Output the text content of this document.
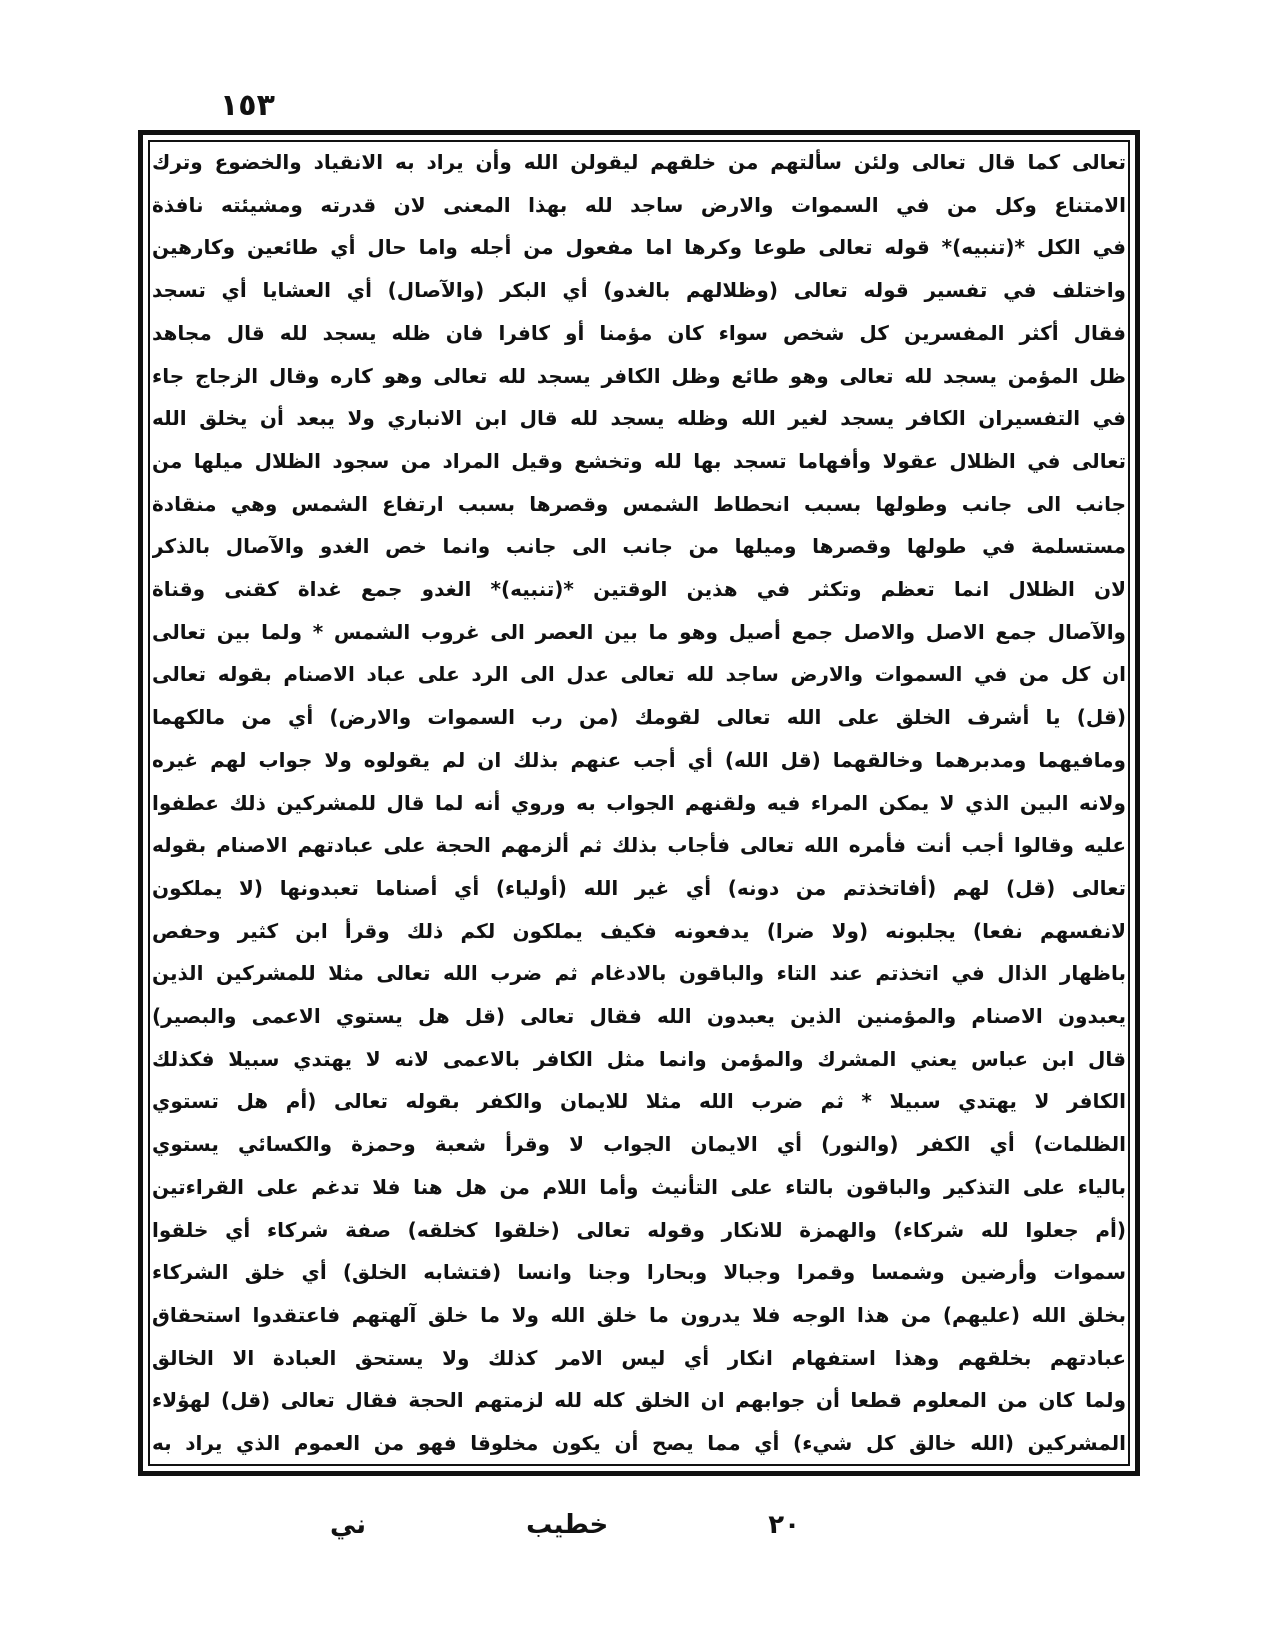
١٥٣
تعالى كما قال تعالى ولئن سألتهم من خلقهم ليقولن الله وأن يراد به الانقياد والخضوع وترك
الامتناع وكل من في السموات والارض ساجد لله بهذا المعنى لان قدرته ومشيئته نافذة
في الكل *(تنبيه)* قوله تعالى طوعا وكرها اما مفعول من أجله واما حال أي طائعين وكارهين
واختلف في تفسير قوله تعالى (وظلالهم بالغدو) أي البكر (والآصال) أي العشايا أي تسجد
فقال أكثر المفسرين كل شخص سواء كان مؤمنا أو كافرا فان ظله يسجد لله قال مجاهد
ظل المؤمن يسجد لله تعالى وهو طائع وظل الكافر يسجد لله تعالى وهو كاره وقال الزجاج جاء
في التفسيران الكافر يسجد لغير الله وظله يسجد لله قال ابن الانباري ولا يبعد أن يخلق الله
تعالى في الظلال عقولا وأفهاما تسجد بها لله وتخشع وقيل المراد من سجود الظلال ميلها من
جانب الى جانب وطولها بسبب انحطاط الشمس وقصرها بسبب ارتفاع الشمس وهي منقادة
مستسلمة في طولها وقصرها وميلها من جانب الى جانب وانما خص الغدو والآصال بالذكر
لان الظلال انما تعظم وتكثر في هذين الوقتين *(تنبيه)* الغدو جمع غداة كقنى وقناة
والآصال جمع الاصل والاصل جمع أصيل وهو ما بين العصر الى غروب الشمس * ولما بين تعالى
ان كل من في السموات والارض ساجد لله تعالى عدل الى الرد على عباد الاصنام بقوله تعالى
(قل) يا أشرف الخلق على الله تعالى لقومك (من رب السموات والارض) أي من مالكهما
ومافيهما ومدبرهما وخالقهما (قل الله) أي أجب عنهم بذلك ان لم يقولوه ولا جواب لهم غيره
ولانه البين الذي لا يمكن المراء فيه ولقنهم الجواب به وروي أنه لما قال للمشركين ذلك عطفوا
عليه وقالوا أجب أنت فأمره الله تعالى فأجاب بذلك ثم ألزمهم الحجة على عبادتهم الاصنام بقوله
تعالى (قل) لهم (أفاتخذتم من دونه) أي غير الله (أولياء) أي أصناما تعبدونها (لا يملكون
لانفسهم نفعا) يجلبونه (ولا ضرا) يدفعونه فكيف يملكون لكم ذلك وقرأ ابن كثير وحفص
باظهار الذال في اتخذتم عند التاء والباقون بالادغام ثم ضرب الله تعالى مثلا للمشركين الذين
يعبدون الاصنام والمؤمنين الذين يعبدون الله فقال تعالى (قل هل يستوي الاعمى والبصير)
قال ابن عباس يعني المشرك والمؤمن وانما مثل الكافر بالاعمى لانه لا يهتدي سبيلا فكذلك
الكافر لا يهتدي سبيلا * ثم ضرب الله مثلا للايمان والكفر بقوله تعالى (أم هل تستوي
الظلمات) أي الكفر (والنور) أي الايمان الجواب لا وقرأ شعبة وحمزة والكسائي يستوي
بالياء على التذكير والباقون بالتاء على التأنيث وأما اللام من هل هنا فلا تدغم على القراءتين
(أم جعلوا لله شركاء) والهمزة للانكار وقوله تعالى (خلقوا كخلقه) صفة شركاء أي خلقوا
سموات وأرضين وشمسا وقمرا وجبالا وبحارا وجنا وانسا (فتشابه الخلق) أي خلق الشركاء
بخلق الله (عليهم) من هذا الوجه فلا يدرون ما خلق الله ولا ما خلق آلهتهم فاعتقدوا استحقاق
عبادتهم بخلقهم وهذا استفهام انكار أي ليس الامر كذلك ولا يستحق العبادة الا الخالق
ولما كان من المعلوم قطعا أن جوابهم ان الخلق كله لله لزمتهم الحجة فقال تعالى (قل) لهؤلاء
المشركين (الله خالق كل شيء) أي مما يصح أن يكون مخلوقا فهو من العموم الذي يراد به
٢٠
خطيب
ني
